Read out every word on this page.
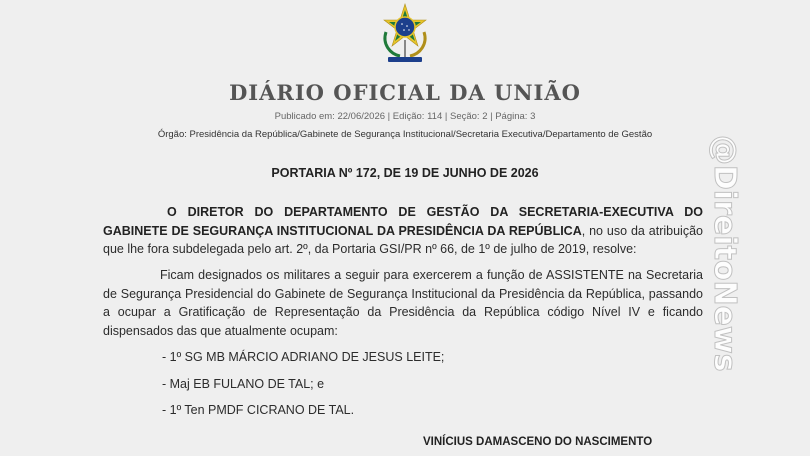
DIÁRIO OFICIAL DA UNIÃO
Publicado em: 22/06/2026 | Edição: 114 | Seção: 2 | Página: 3
Órgão: Presidência da República/Gabinete de Segurança Institucional/Secretaria Executiva/Departamento de Gestão
PORTARIA Nº 172, DE 19 DE JUNHO DE 2026
O DIRETOR DO DEPARTAMENTO DE GESTÃO DA SECRETARIA-EXECUTIVA DO GABINETE DE SEGURANÇA INSTITUCIONAL DA PRESIDÊNCIA DA REPÚBLICA, no uso da atribuição que lhe fora subdelegada pelo art. 2º, da Portaria GSI/PR nº 66, de 1º de julho de 2019, resolve:
Ficam designados os militares a seguir para exercerem a função de ASSISTENTE na Secretaria de Segurança Presidencial do Gabinete de Segurança Institucional da Presidência da República, passando a ocupar a Gratificação de Representação da Presidência da República código Nível IV e ficando dispensados das que atualmente ocupam:
- 1º SG MB MÁRCIO ADRIANO DE JESUS LEITE;
- Maj EB FULANO DE TAL; e
- 1º Ten PMDF CICRANO DE TAL.
VINÍCIUS DAMASCENO DO NASCIMENTO
@DireitoNews
